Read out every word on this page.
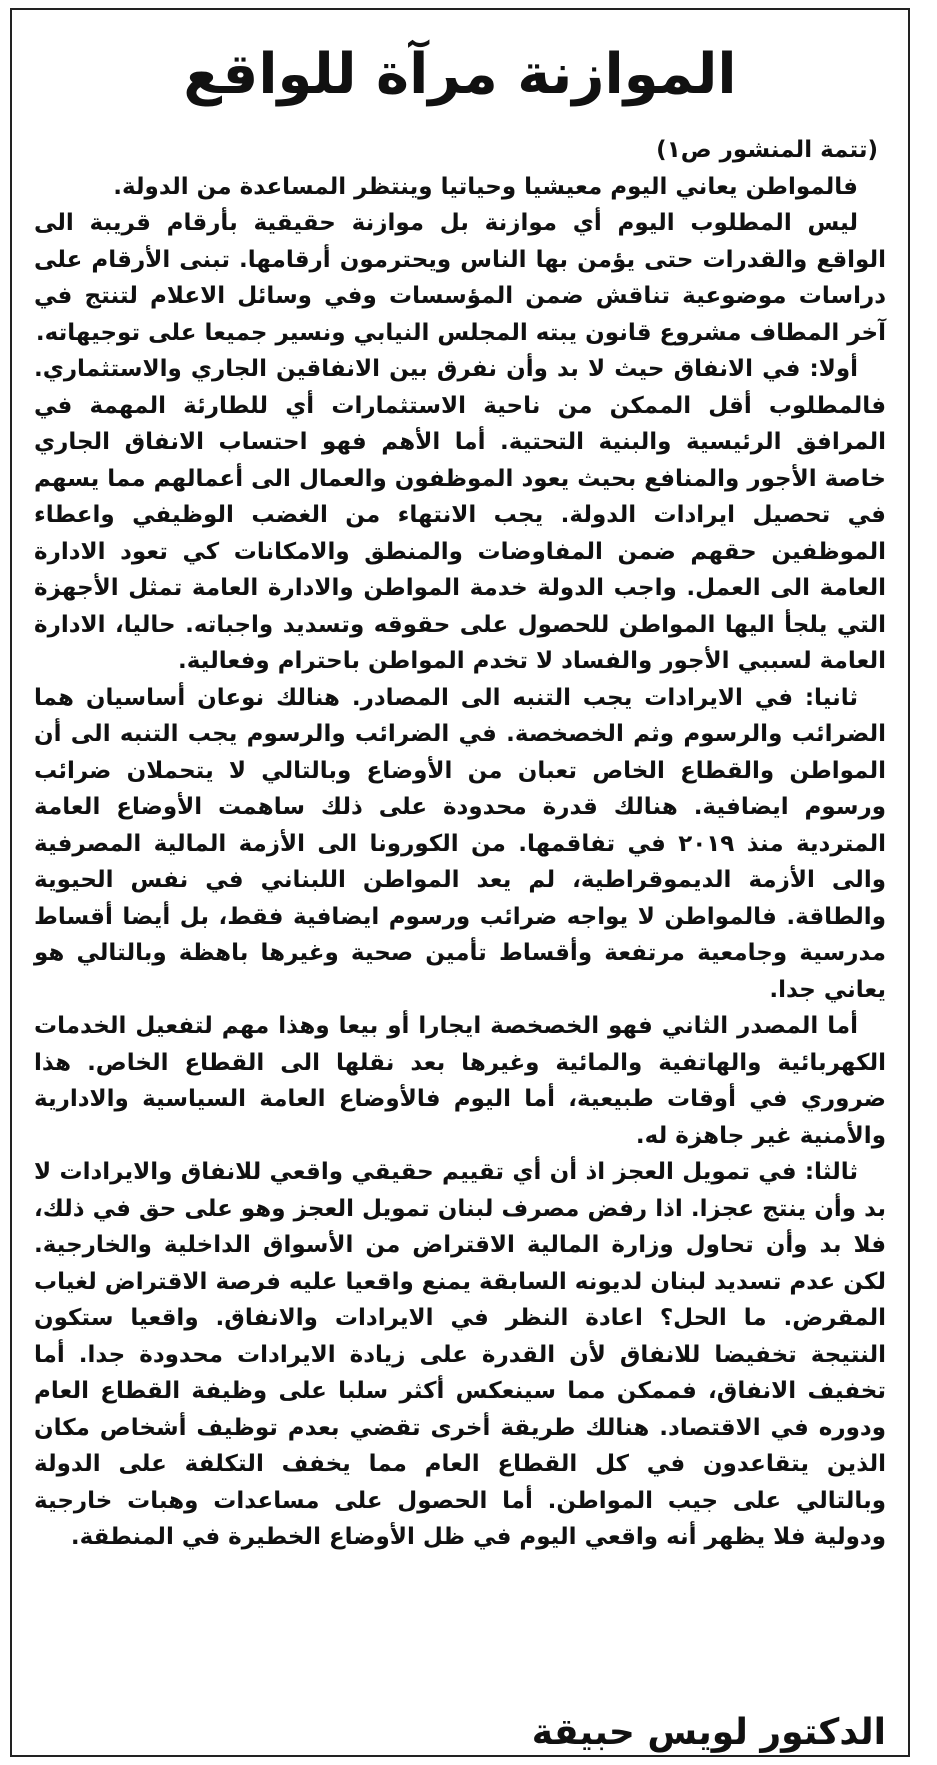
الموازنة مرآة للواقع

(تتمة المنشور ص١)

فالمواطن يعاني اليوم معيشيا وحياتيا وينتظر المساعدة من الدولة.

ليس المطلوب اليوم أي موازنة بل موازنة حقيقية بأرقام قريبة الى الواقع والقدرات حتى يؤمن بها الناس ويحترمون أرقامها. تبنى الأرقام على دراسات موضوعية تناقش ضمن المؤسسات وفي وسائل الاعلام لتنتج في آخر المطاف مشروع قانون يبته المجلس النيابي ونسير جميعا على توجيهاته.

أولا: في الانفاق حيث لا بد وأن نفرق بين الانفاقين الجاري والاستثماري. فالمطلوب أقل الممكن من ناحية الاستثمارات أي للطارئة المهمة في المرافق الرئيسية والبنية التحتية. أما الأهم فهو احتساب الانفاق الجاري خاصة الأجور والمنافع بحيث يعود الموظفون والعمال الى أعمالهم مما يسهم في تحصيل ايرادات الدولة. يجب الانتهاء من الغضب الوظيفي واعطاء الموظفين حقهم ضمن المفاوضات والمنطق والامكانات كي تعود الادارة العامة الى العمل. واجب الدولة خدمة المواطن والادارة العامة تمثل الأجهزة التي يلجأ اليها المواطن للحصول على حقوقه وتسديد واجباته. حاليا، الادارة العامة لسببي الأجور والفساد لا تخدم المواطن باحترام وفعالية.

ثانيا: في الايرادات يجب التنبه الى المصادر. هنالك نوعان أساسيان هما الضرائب والرسوم وثم الخصخصة. في الضرائب والرسوم يجب التنبه الى أن المواطن والقطاع الخاص تعبان من الأوضاع وبالتالي لا يتحملان ضرائب ورسوم ايضافية. هنالك قدرة محدودة على ذلك ساهمت الأوضاع العامة المتردية منذ ٢٠١٩ في تفاقمها. من الكورونا الى الأزمة المالية المصرفية والى الأزمة الديموقراطية، لم يعد المواطن اللبناني في نفس الحيوية والطاقة. فالمواطن لا يواجه ضرائب ورسوم ايضافية فقط، بل أيضا أقساط مدرسية وجامعية مرتفعة وأقساط تأمين صحية وغيرها باهظة وبالتالي هو يعاني جدا.

أما المصدر الثاني فهو الخصخصة ايجارا أو بيعا وهذا مهم لتفعيل الخدمات الكهربائية والهاتفية والمائية وغيرها بعد نقلها الى القطاع الخاص. هذا ضروري في أوقات طبيعية، أما اليوم فالأوضاع العامة السياسية والادارية والأمنية غير جاهزة له.

ثالثا: في تمويل العجز اذ أن أي تقييم حقيقي واقعي للانفاق والايرادات لا بد وأن ينتج عجزا. اذا رفض مصرف لبنان تمويل العجز وهو على حق في ذلك، فلا بد وأن تحاول وزارة المالية الاقتراض من الأسواق الداخلية والخارجية. لكن عدم تسديد لبنان لديونه السابقة يمنع واقعيا عليه فرصة الاقتراض لغياب المقرض. ما الحل؟ اعادة النظر في الايرادات والانفاق. واقعيا ستكون النتيجة تخفيضا للانفاق لأن القدرة على زيادة الايرادات محدودة جدا. أما تخفيف الانفاق، فممكن مما سينعكس أكثر سلبا على وظيفة القطاع العام ودوره في الاقتصاد. هنالك طريقة أخرى تقضي بعدم توظيف أشخاص مكان الذين يتقاعدون في كل القطاع العام مما يخفف التكلفة على الدولة وبالتالي على جيب المواطن. أما الحصول على مساعدات وهبات خارجية ودولية فلا يظهر أنه واقعي اليوم في ظل الأوضاع الخطيرة في المنطقة.

الدكتور لويس حبيقة
